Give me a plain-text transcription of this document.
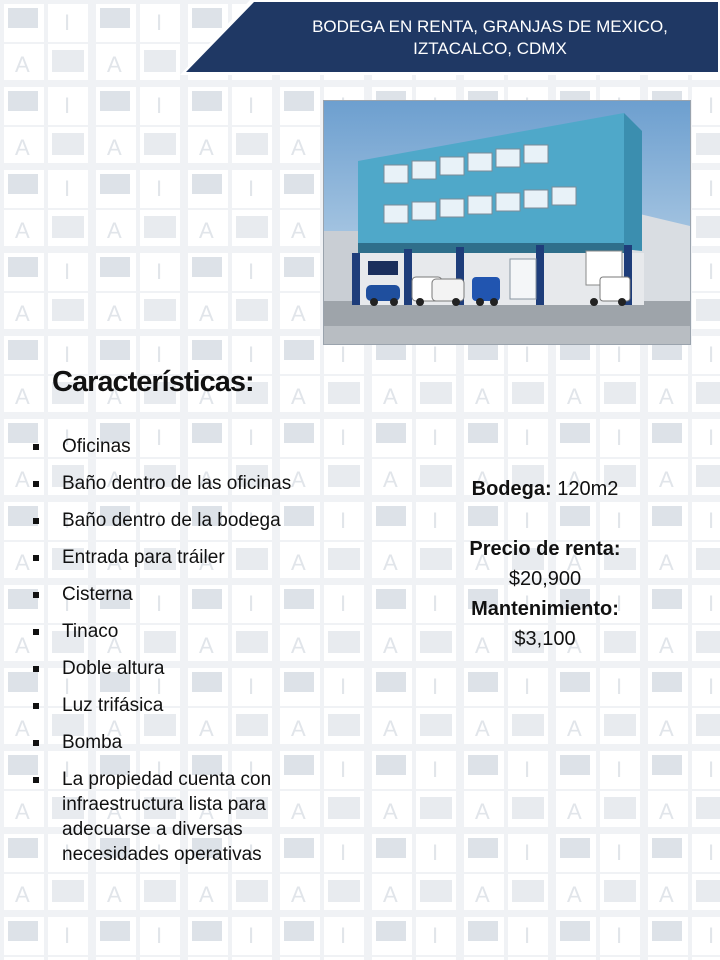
BODEGA EN RENTA, GRANJAS DE MEXICO,
IZTACALCO, CDMX
Características:
Oficinas
Baño dentro de las oficinas
Baño dentro de la bodega
Entrada para tráiler
Cisterna
Tinaco
Doble altura
Luz trifásica
Bomba
La propiedad cuenta con infraestructura lista para adecuarse a diversas necesidades operativas
Bodega: 120m2
Precio de renta:
$20,900
Mantenimiento:
$3,100
